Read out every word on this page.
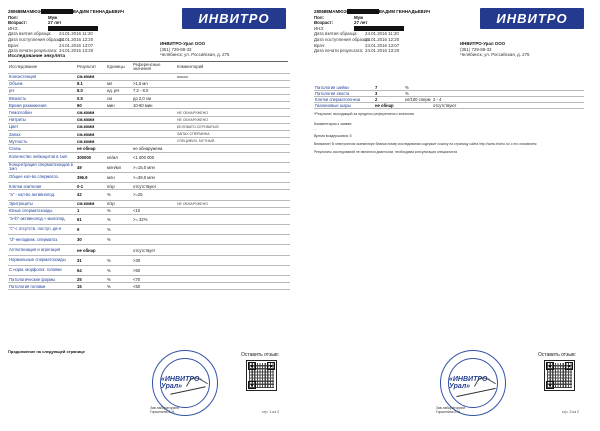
280688МАМЮЭ	ВАДИМ ГЕННАДЬЕВИЧ
Пол:	Муж
Возраст:	27 лет
ИНЗ:
Дата взятия образца:	24.01.2016 11:20
Дата поступления образца:
24.01.2016 12:20
Врач:	24.01.2016 13:07
Дата печати результата: 24.01.2016 13:20
ИНВИТРО
ИНВИТРО-Урал ООО
(351) 729-88-33
Челябинск, ул. Российская, д. 275
Исследование эякулята
Исследование	Результат	Единицы	Референсные значения	Комментарий
Консистенция	см.комм			вязкая
Объем	8.1	мл	>1,5 мл	
pH	8.0	ед. рН	7.2 - 8.0	
Вязкость	0.5	см	до 2,0 см	
Время разжижения	60	мин	10-60 мин	
Гемоглобин	см.комм			НЕ ОБНАРУЖЕНО
Нитриты	см.комм			НЕ ОБНАРУЖЕНО
Цвет	см.комм			БЕЛОВАТО-СЕРОВАТЫЙ
Запах	см.комм			ЗАПАХ СПЕРМИНА
Мутность	см.комм			СПЕЦИФИЧ. МУТНЫЙ
Слизь	не обнар		не обнаружена	
Количество лейкоцитов в 1мл	300000	кл/мл	<1 000 000	
Концентрация сперматозоидов в 1мл	49	млн/мл	>=15,0 млн	
Общее кол-во сперматоз.	396.9	млн	>=39,0 млн	
Клетки эпителия	0-1	п/зр	отсутствуют	
"a" - кол-во активнопод.	42	%	>=25	
Эритроциты	см.комм	п/зр		НЕ ОБНАРУЖЕНО
Юные сперматозоиды	1	%	<10	
"a+b"-активнопод.+ малопод.	61	%	>= 32%	
"c"-с отсутств. поступ. дв-я	9	%		
"d"-неподвиж. сперматоз.	30	%		
Агглютинация и агрегация	не обнар		отсутствует	
Нормальные сперматозоиды	31	%	>30	
С норм. морфолог. головки	64	%	>50	
Патологические формы	25	%	<70	
Патология головки	15	%	<50	
Продолжение на следующей странице
«ИНВИТРО-Урал»
Зав.лабораторией
Горшенина Е.Н.
Оставить отзыв:
стр. 1 из 2
280688МАМЮЭ	ВАДИМ ГЕННАДЬЕВИЧ
Пол:	Муж
Возраст:	27 лет
ИНЗ:
Дата взятия образца:	24.01.2016 11:20
Дата поступления образца:
24.01.2016 12:20
Врач:	24.01.2016 13:07
Дата печати результата: 24.01.2016 13:20
ИНВИТРО
ИНВИТРО-Урал ООО
(351) 729-88-33
Челябинск, ул. Российская, д. 275
Патология шейки	7	%		
Патология хвоста	3	%		
Клетки сперматогенеза	2	кл/100 сперм	2 - 4	
Гиалиновые шары	не обнар		отсутствуют	
*Результат, выходящий за пределы референсного значения
Комментарии к заявке:
...
Время воздержания: 5
Внимание! В электронном экземпляре бланка номер исследования содержит ссылку на страницу сайта http://www.invitro.ru/ с его описанием
Результаты исследований не являются диагнозом, необходима консультация специалиста
«ИНВИТРО-Урал»
Зав.лабораторией
Горшенина Е.Н.
Оставить отзыв:
стр. 2 из 2
